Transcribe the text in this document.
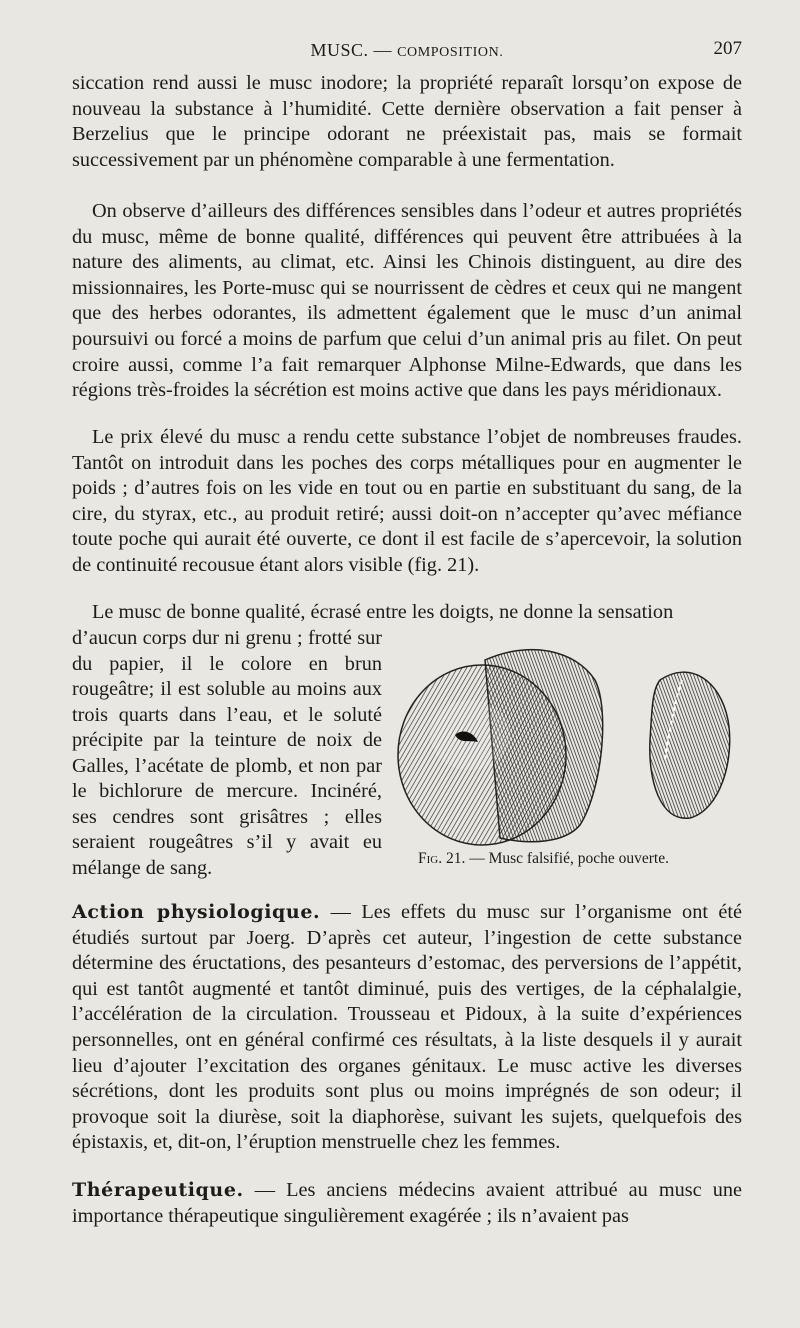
MUSC. — COMPOSITION.	207

siccation rend aussi le musc inodore; la propriété reparaît lorsqu’on expose de nouveau la substance à l’humidité. Cette dernière observation a fait penser à Berzelius que le principe odorant ne préexistait pas, mais se formait successivement par un phénomène comparable à une fermentation.

On observe d’ailleurs des différences sensibles dans l’odeur et autres propriétés du musc, même de bonne qualité, différences qui peuvent être attribuées à la nature des aliments, au climat, etc. Ainsi les Chinois distinguent, au dire des missionnaires, les Porte-musc qui se nourrissent de cèdres et ceux qui ne mangent que des herbes odorantes, ils admettent également que le musc d’un animal poursuivi ou forcé a moins de parfum que celui d’un animal pris au filet. On peut croire aussi, comme l’a fait remarquer Alphonse Milne-Edwards, que dans les régions très-froides la sécrétion est moins active que dans les pays méridionaux.

Le prix élevé du musc a rendu cette substance l’objet de nombreuses fraudes. Tantôt on introduit dans les poches des corps métalliques pour en augmenter le poids ; d’autres fois on les vide en tout ou en partie en substituant du sang, de la cire, du styrax, etc., au produit retiré; aussi doit-on n’accepter qu’avec méfiance toute poche qui aurait été ouverte, ce dont il est facile de s’apercevoir, la solution de continuité recousue étant alors visible (fig. 21).

Le musc de bonne qualité, écrasé entre les doigts, ne donne la sensation

d’aucun corps dur ni grenu ; frotté sur du papier, il le colore en brun rougeâtre; il est soluble au moins aux trois quarts dans l’eau, et le soluté précipite par la teinture de noix de Galles, l’acétate de plomb, et non par le bichlorure de mercure. Incinéré, ses cendres sont grisâtres ; elles seraient rougeâtres s’il y avait eu mélange de sang.	Fig. 21. — Musc falsifié, poche ouverte.

Action physiologique. — Les effets du musc sur l’organisme ont été étudiés surtout par Joerg. D’après cet auteur, l’ingestion de cette substance détermine des éructations, des pesanteurs d’estomac, des perversions de l’appétit, qui est tantôt augmenté et tantôt diminué, puis des vertiges, de la céphalalgie, l’accélération de la circulation. Trousseau et Pidoux, à la suite d’expériences personnelles, ont en général confirmé ces résultats, à la liste desquels il y aurait lieu d’ajouter l’excitation des organes génitaux. Le musc active les diverses sécrétions, dont les produits sont plus ou moins imprégnés de son odeur; il provoque soit la diurèse, soit la diaphorèse, suivant les sujets, quelquefois des épistaxis, et, dit-on, l’éruption menstruelle chez les femmes.

Thérapeutique. — Les anciens médecins avaient attribué au musc une importance thérapeutique singulièrement exagérée ; ils n’avaient pas
